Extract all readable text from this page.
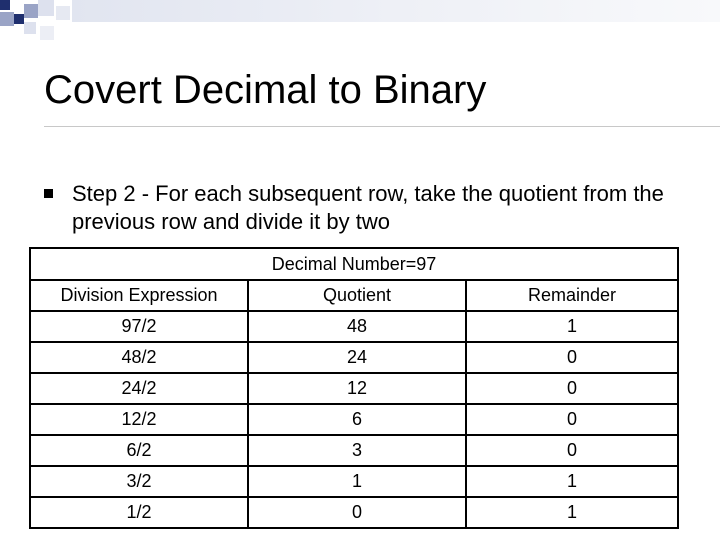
Covert Decimal to Binary
Step 2 - For each subsequent row, take the quotient from the previous row and divide it by two
Decimal Number=97		
Division Expression	Quotient	Remainder
97/2	48	1
48/2	24	0
24/2	12	0
12/2	6	0
6/2	3	0
3/2	1	1
1/2	0	1
